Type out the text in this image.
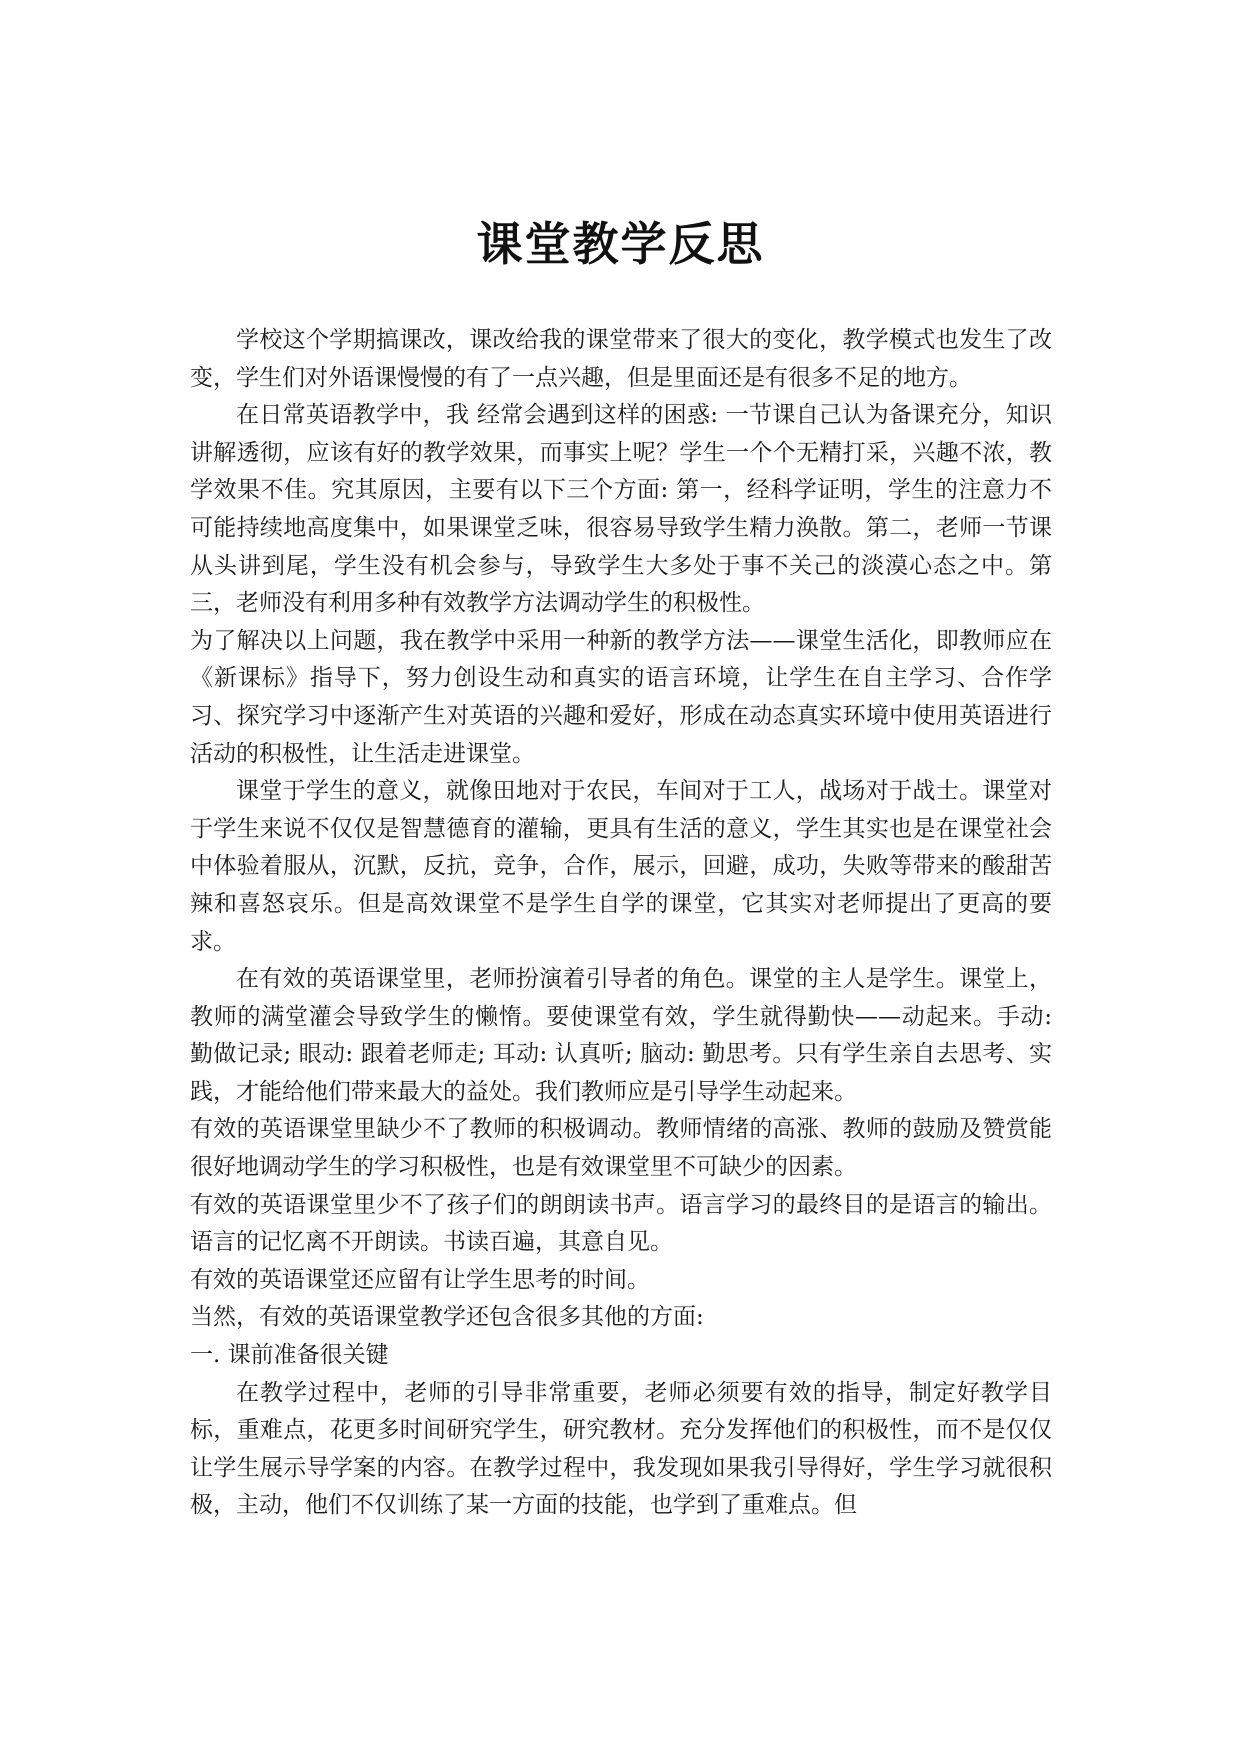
课堂教学反思

学校这个学期搞课改，课改给我的课堂带来了很大的变化，教学模式也发生了改变，学生们对外语课慢慢的有了一点兴趣，但是里面还是有很多不足的地方。

在日常英语教学中，我 经常会遇到这样的困惑: 一节课自己认为备课充分，知识讲解透彻，应该有好的教学效果，而事实上呢？学生一个个无精打采，兴趣不浓，教学效果不佳。究其原因，主要有以下三个方面: 第一，经科学证明，学生的注意力不可能持续地高度集中，如果课堂乏味，很容易导致学生精力涣散。第二，老师一节课从头讲到尾，学生没有机会参与，导致学生大多处于事不关己的淡漠心态之中。第三，老师没有利用多种有效教学方法调动学生的积极性。

为了解决以上问题，我在教学中采用一种新的教学方法——课堂生活化，即教师应在《新课标》指导下，努力创设生动和真实的语言环境，让学生在自主学习、合作学习、探究学习中逐渐产生对英语的兴趣和爱好，形成在动态真实环境中使用英语进行活动的积极性，让生活走进课堂。

课堂于学生的意义，就像田地对于农民，车间对于工人，战场对于战士。课堂对于学生来说不仅仅是智慧德育的灌输，更具有生活的意义，学生其实也是在课堂社会中体验着服从，沉默，反抗，竞争，合作，展示，回避，成功，失败等带来的酸甜苦辣和喜怒哀乐。但是高效课堂不是学生自学的课堂，它其实对老师提出了更高的要求。

在有效的英语课堂里，老师扮演着引导者的角色。课堂的主人是学生。课堂上，教师的满堂灌会导致学生的懒惰。要使课堂有效，学生就得勤快——动起来。手动: 勤做记录; 眼动: 跟着老师走; 耳动: 认真听; 脑动: 勤思考。只有学生亲自去思考、实践，才能给他们带来最大的益处。我们教师应是引导学生动起来。

有效的英语课堂里缺少不了教师的积极调动。教师情绪的高涨、教师的鼓励及赞赏能很好地调动学生的学习积极性，也是有效课堂里不可缺少的因素。

有效的英语课堂里少不了孩子们的朗朗读书声。语言学习的最终目的是语言的输出。语言的记忆离不开朗读。书读百遍，其意自见。

有效的英语课堂还应留有让学生思考的时间。

当然，有效的英语课堂教学还包含很多其他的方面:

一. 课前准备很关键

在教学过程中，老师的引导非常重要，老师必须要有效的指导，制定好教学目标，重难点，花更多时间研究学生，研究教材。充分发挥他们的积极性，而不是仅仅让学生展示导学案的内容。在教学过程中，我发现如果我引导得好，学生学习就很积极，主动，他们不仅训练了某一方面的技能，也学到了重难点。但
